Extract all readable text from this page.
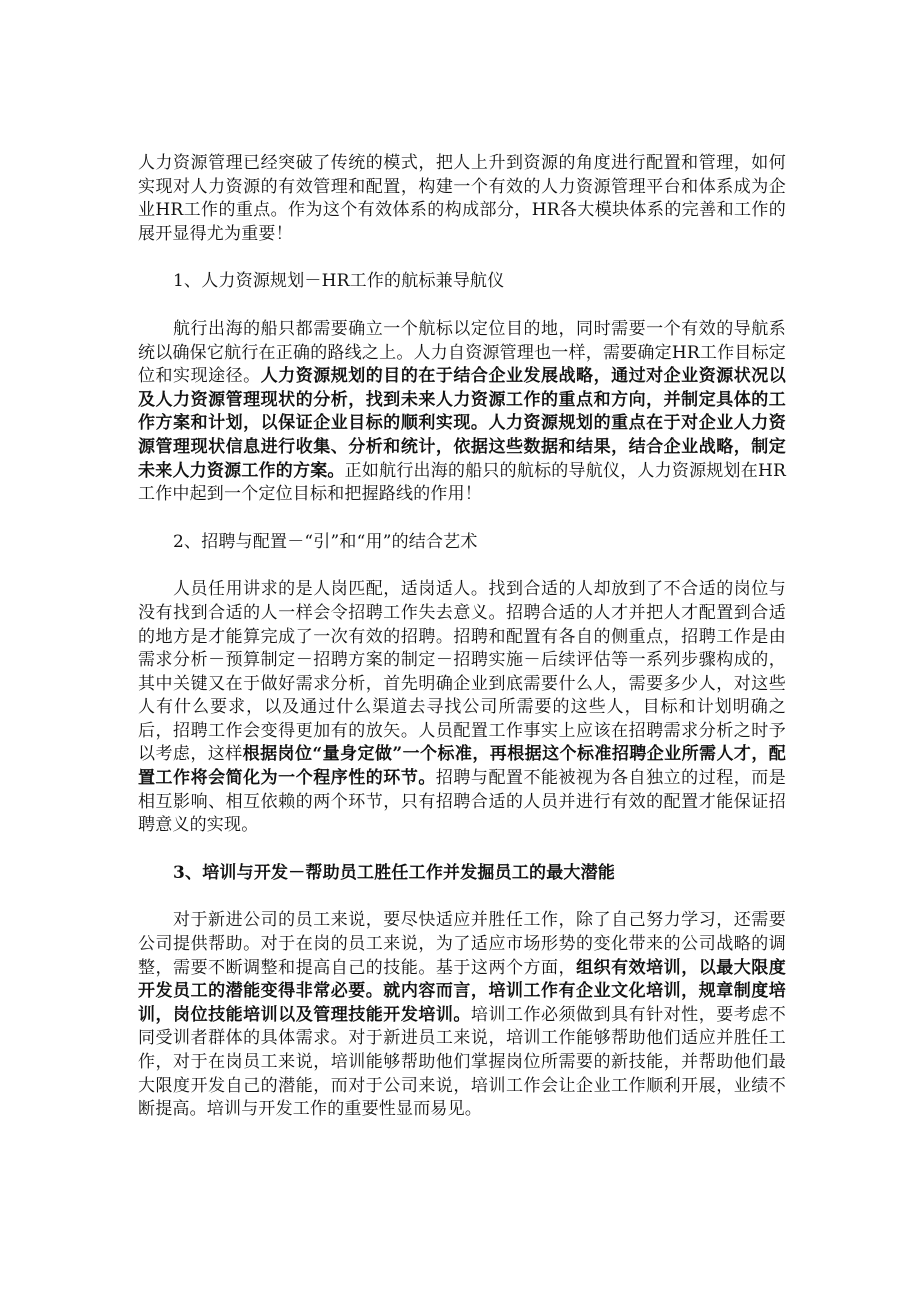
人力资源管理已经突破了传统的模式，把人上升到资源的角度进行配置和管理，如何实现对人力资源的有效管理和配置，构建一个有效的人力资源管理平台和体系成为企业HR工作的重点。作为这个有效体系的构成部分，HR各大模块体系的完善和工作的展开显得尤为重要！

1、人力资源规划－HR工作的航标兼导航仪

航行出海的船只都需要确立一个航标以定位目的地，同时需要一个有效的导航系统以确保它航行在正确的路线之上。人力自资源管理也一样，需要确定HR工作目标定位和实现途径。人力资源规划的目的在于结合企业发展战略，通过对企业资源状况以及人力资源管理现状的分析，找到未来人力资源工作的重点和方向，并制定具体的工作方案和计划，以保证企业目标的顺利实现。人力资源规划的重点在于对企业人力资源管理现状信息进行收集、分析和统计，依据这些数据和结果，结合企业战略，制定未来人力资源工作的方案。正如航行出海的船只的航标的导航仪，人力资源规划在HR工作中起到一个定位目标和把握路线的作用！

2、招聘与配置－“引”和“用”的结合艺术

人员任用讲求的是人岗匹配，适岗适人。找到合适的人却放到了不合适的岗位与没有找到合适的人一样会令招聘工作失去意义。招聘合适的人才并把人才配置到合适的地方是才能算完成了一次有效的招聘。招聘和配置有各自的侧重点，招聘工作是由需求分析－预算制定－招聘方案的制定－招聘实施－后续评估等一系列步骤构成的，其中关键又在于做好需求分析，首先明确企业到底需要什么人，需要多少人，对这些人有什么要求，以及通过什么渠道去寻找公司所需要的这些人，目标和计划明确之后，招聘工作会变得更加有的放矢。人员配置工作事实上应该在招聘需求分析之时予以考虑，这样根据岗位“量身定做”一个标准，再根据这个标准招聘企业所需人才，配置工作将会简化为一个程序性的环节。招聘与配置不能被视为各自独立的过程，而是相互影响、相互依赖的两个环节，只有招聘合适的人员并进行有效的配置才能保证招聘意义的实现。

3、培训与开发－帮助员工胜任工作并发掘员工的最大潜能

对于新进公司的员工来说，要尽快适应并胜任工作，除了自己努力学习，还需要公司提供帮助。对于在岗的员工来说，为了适应市场形势的变化带来的公司战略的调整，需要不断调整和提高自己的技能。基于这两个方面，组织有效培训，以最大限度开发员工的潜能变得非常必要。就内容而言，培训工作有企业文化培训，规章制度培训，岗位技能培训以及管理技能开发培训。培训工作必须做到具有针对性，要考虑不同受训者群体的具体需求。对于新进员工来说，培训工作能够帮助他们适应并胜任工作，对于在岗员工来说，培训能够帮助他们掌握岗位所需要的新技能，并帮助他们最大限度开发自己的潜能，而对于公司来说，培训工作会让企业工作顺利开展，业绩不断提高。培训与开发工作的重要性显而易见。
